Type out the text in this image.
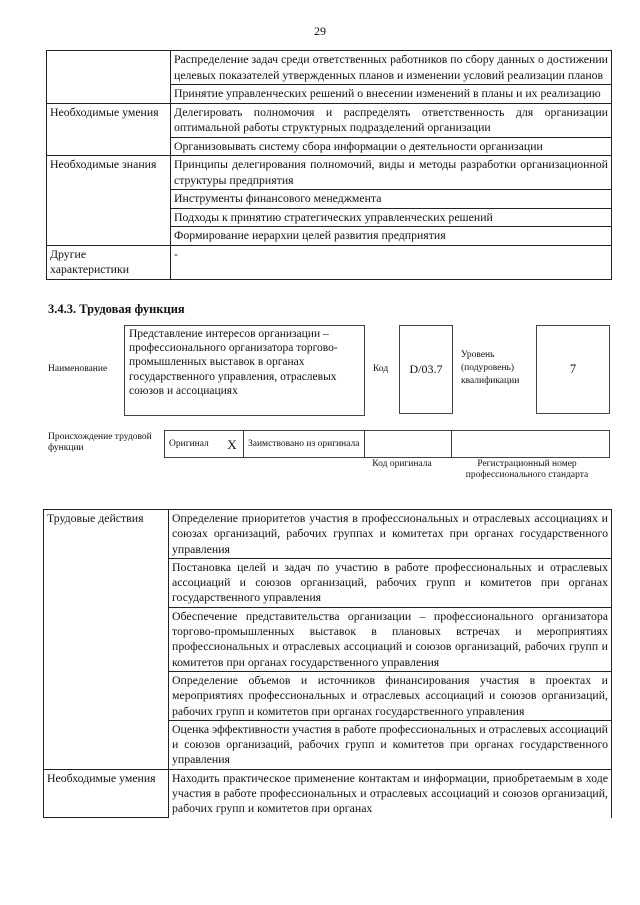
29
	Распределение задач среди ответственных работников по сбору данных о достижении целевых показателей утвержденных планов и изменении условий реализации планов
	Принятие управленческих решений о внесении изменений в планы и их реализацию
Необходимые умения	Делегировать полномочия и распределять ответственность для организации оптимальной работы структурных подразделений организации
	Организовывать систему сбора информации о деятельности организации
Необходимые знания	Принципы делегирования полномочий, виды и методы разработки организационной структуры предприятия
	Инструменты финансового менеджмента
	Подходы к принятию стратегических управленческих решений
	Формирование иерархии целей развития предприятия
Другие характеристики	-
3.4.3. Трудовая функция
Наименование
Представление интересов организации – профессионального организатора торгово-промышленных выставок в органах государственного управления, отраслевых союзов и ассоциациях
Код D/03.7
Уровень (подуровень) квалификации
7
Происхождение трудовой функции	Оригинал	X	Заимствовано из оригинала		
Код оригинала	Регистрационный номер профессионального стандарта
Трудовые действия	Определение приоритетов участия в профессиональных и отраслевых ассоциациях и союзах организаций, рабочих группах и комитетах при органах государственного управления
	Постановка целей и задач по участию в работе профессиональных и отраслевых ассоциаций и союзов организаций, рабочих групп и комитетов при органах государственного управления
	Обеспечение представительства организации – профессионального организатора торгово-промышленных выставок в плановых встречах и мероприятиях профессиональных и отраслевых ассоциаций и союзов организаций, рабочих групп и комитетов при органах государственного управления
	Определение объемов и источников финансирования участия в проектах и мероприятиях профессиональных и отраслевых ассоциаций и союзов организаций, рабочих групп и комитетов при органах государственного управления
	Оценка эффективности участия в работе профессиональных и отраслевых ассоциаций и союзов организаций, рабочих групп и комитетов при органах государственного управления
Необходимые умения	Находить практическое применение контактам и информации, приобретаемым в ходе участия в работе профессиональных и отраслевых ассоциаций и союзов организаций, рабочих групп и комитетов при органах
